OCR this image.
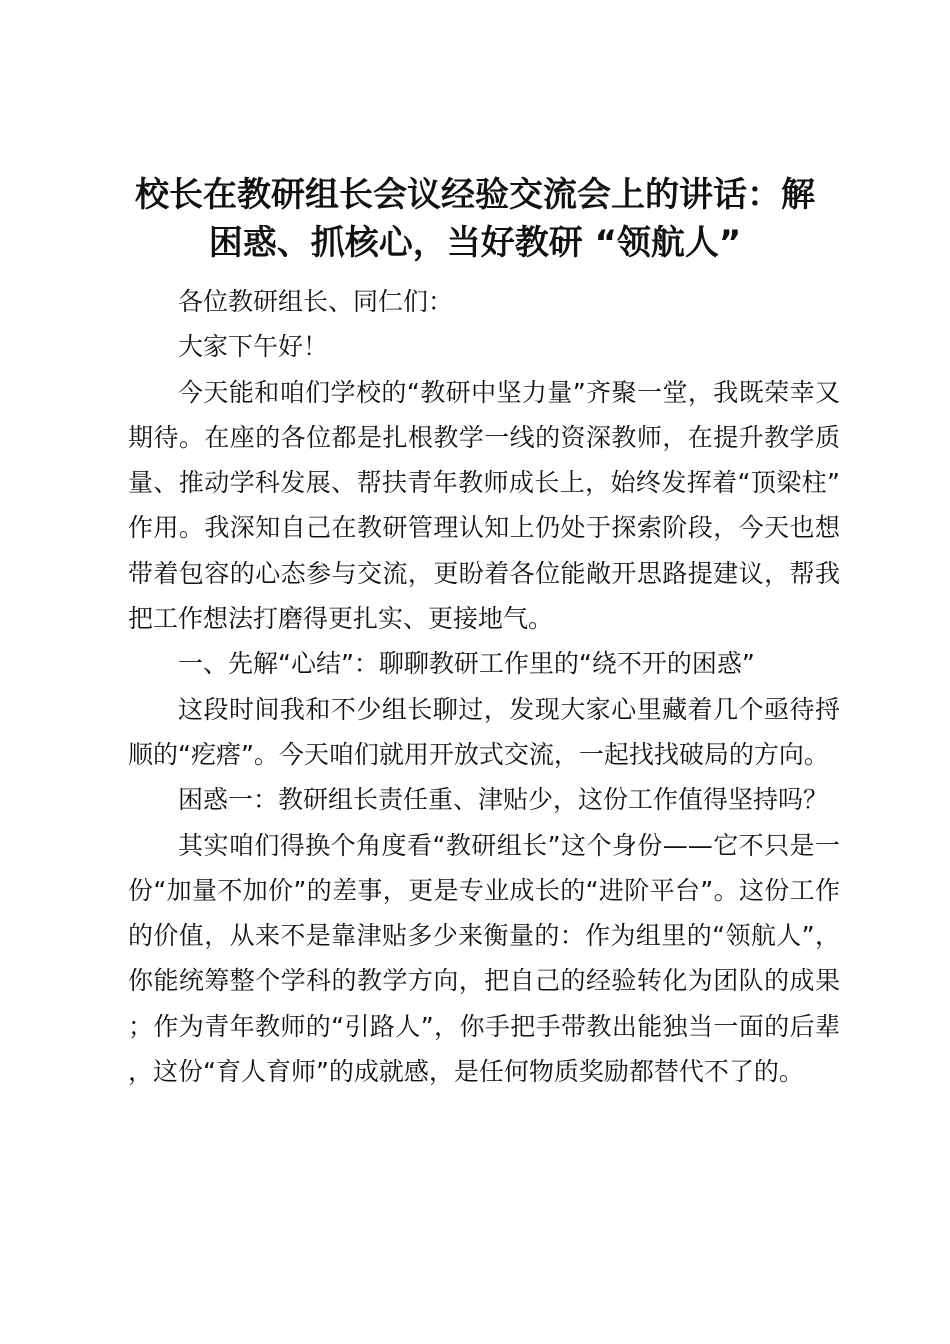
校长在教研组长会议经验交流会上的讲话：解
困惑、抓核心，当好教研 “领航人”

各位教研组长、同仁们：

大家下午好！

今天能和咱们学校的“教研中坚力量”齐聚一堂，我既荣幸又期待。在座的各位都是扎根教学一线的资深教师，在提升教学质量、推动学科发展、帮扶青年教师成长上，始终发挥着“顶梁柱”作用。我深知自己在教研管理认知上仍处于探索阶段，今天也想带着包容的心态参与交流，更盼着各位能敞开思路提建议，帮我把工作想法打磨得更扎实、更接地气。

一、先解“心结”：聊聊教研工作里的“绕不开的困惑”

这段时间我和不少组长聊过，发现大家心里藏着几个亟待捋顺的“疙瘩”。今天咱们就用开放式交流，一起找找破局的方向。

困惑一：教研组长责任重、津贴少，这份工作值得坚持吗？

其实咱们得换个角度看“教研组长”这个身份——它不只是一份“加量不加价”的差事，更是专业成长的“进阶平台”。这份工作的价值，从来不是靠津贴多少来衡量的：作为组里的“领航人”，你能统筹整个学科的教学方向，把自己的经验转化为团队的成果；作为青年教师的“引路人”，你手把手带教出能独当一面的后辈，这份“育人育师”的成就感，是任何物质奖励都替代不了的。
